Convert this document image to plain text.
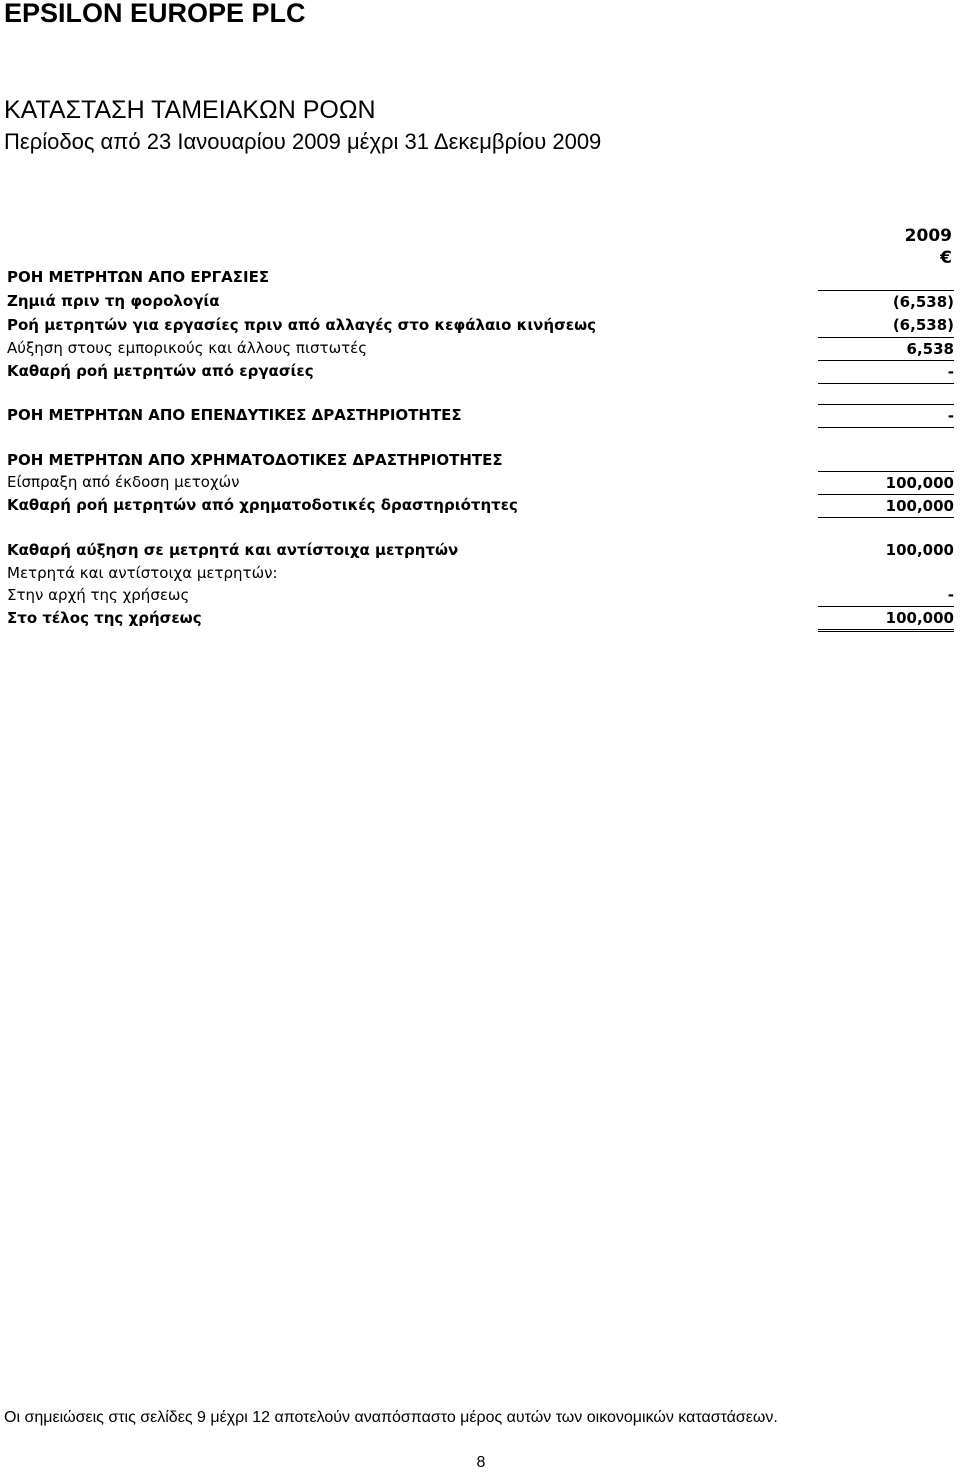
EPSILON EUROPE PLC
ΚΑΤΑΣΤΑΣΗ ΤΑΜΕΙΑΚΩΝ ΡΟΩΝ
Περίοδος από 23 Ιανουαρίου 2009 μέχρι 31 Δεκεμβρίου 2009
2009
€
ΡΟΗ ΜΕΤΡΗΤΩΝ ΑΠΟ ΕΡΓΑΣΙΕΣ
Ζημιά πριν τη φορολογία	(6,538)
Ροή μετρητών για εργασίες πριν από αλλαγές στο κεφάλαιο κινήσεως	(6,538)
Αύξηση στους εμπορικούς και άλλους πιστωτές	6,538
Καθαρή ροή μετρητών από εργασίες	-
ΡΟΗ ΜΕΤΡΗΤΩΝ ΑΠΟ ΕΠΕΝΔΥΤΙΚΕΣ ΔΡΑΣΤΗΡΙΟΤΗΤΕΣ	-
ΡΟΗ ΜΕΤΡΗΤΩΝ ΑΠΟ ΧΡΗΜΑΤΟΔΟΤΙΚΕΣ ΔΡΑΣΤΗΡΙΟΤΗΤΕΣ
Είσπραξη από έκδοση μετοχών	100,000
Καθαρή ροή μετρητών από χρηματοδοτικές δραστηριότητες	100,000
Καθαρή αύξηση σε μετρητά και αντίστοιχα μετρητών	100,000
Μετρητά και αντίστοιχα μετρητών:
Στην αρχή της χρήσεως	-
Στο τέλος της χρήσεως	100,000
Οι σημειώσεις στις σελίδες 9 μέχρι 12 αποτελούν αναπόσπαστο μέρος αυτών των οικονομικών καταστάσεων.
8
